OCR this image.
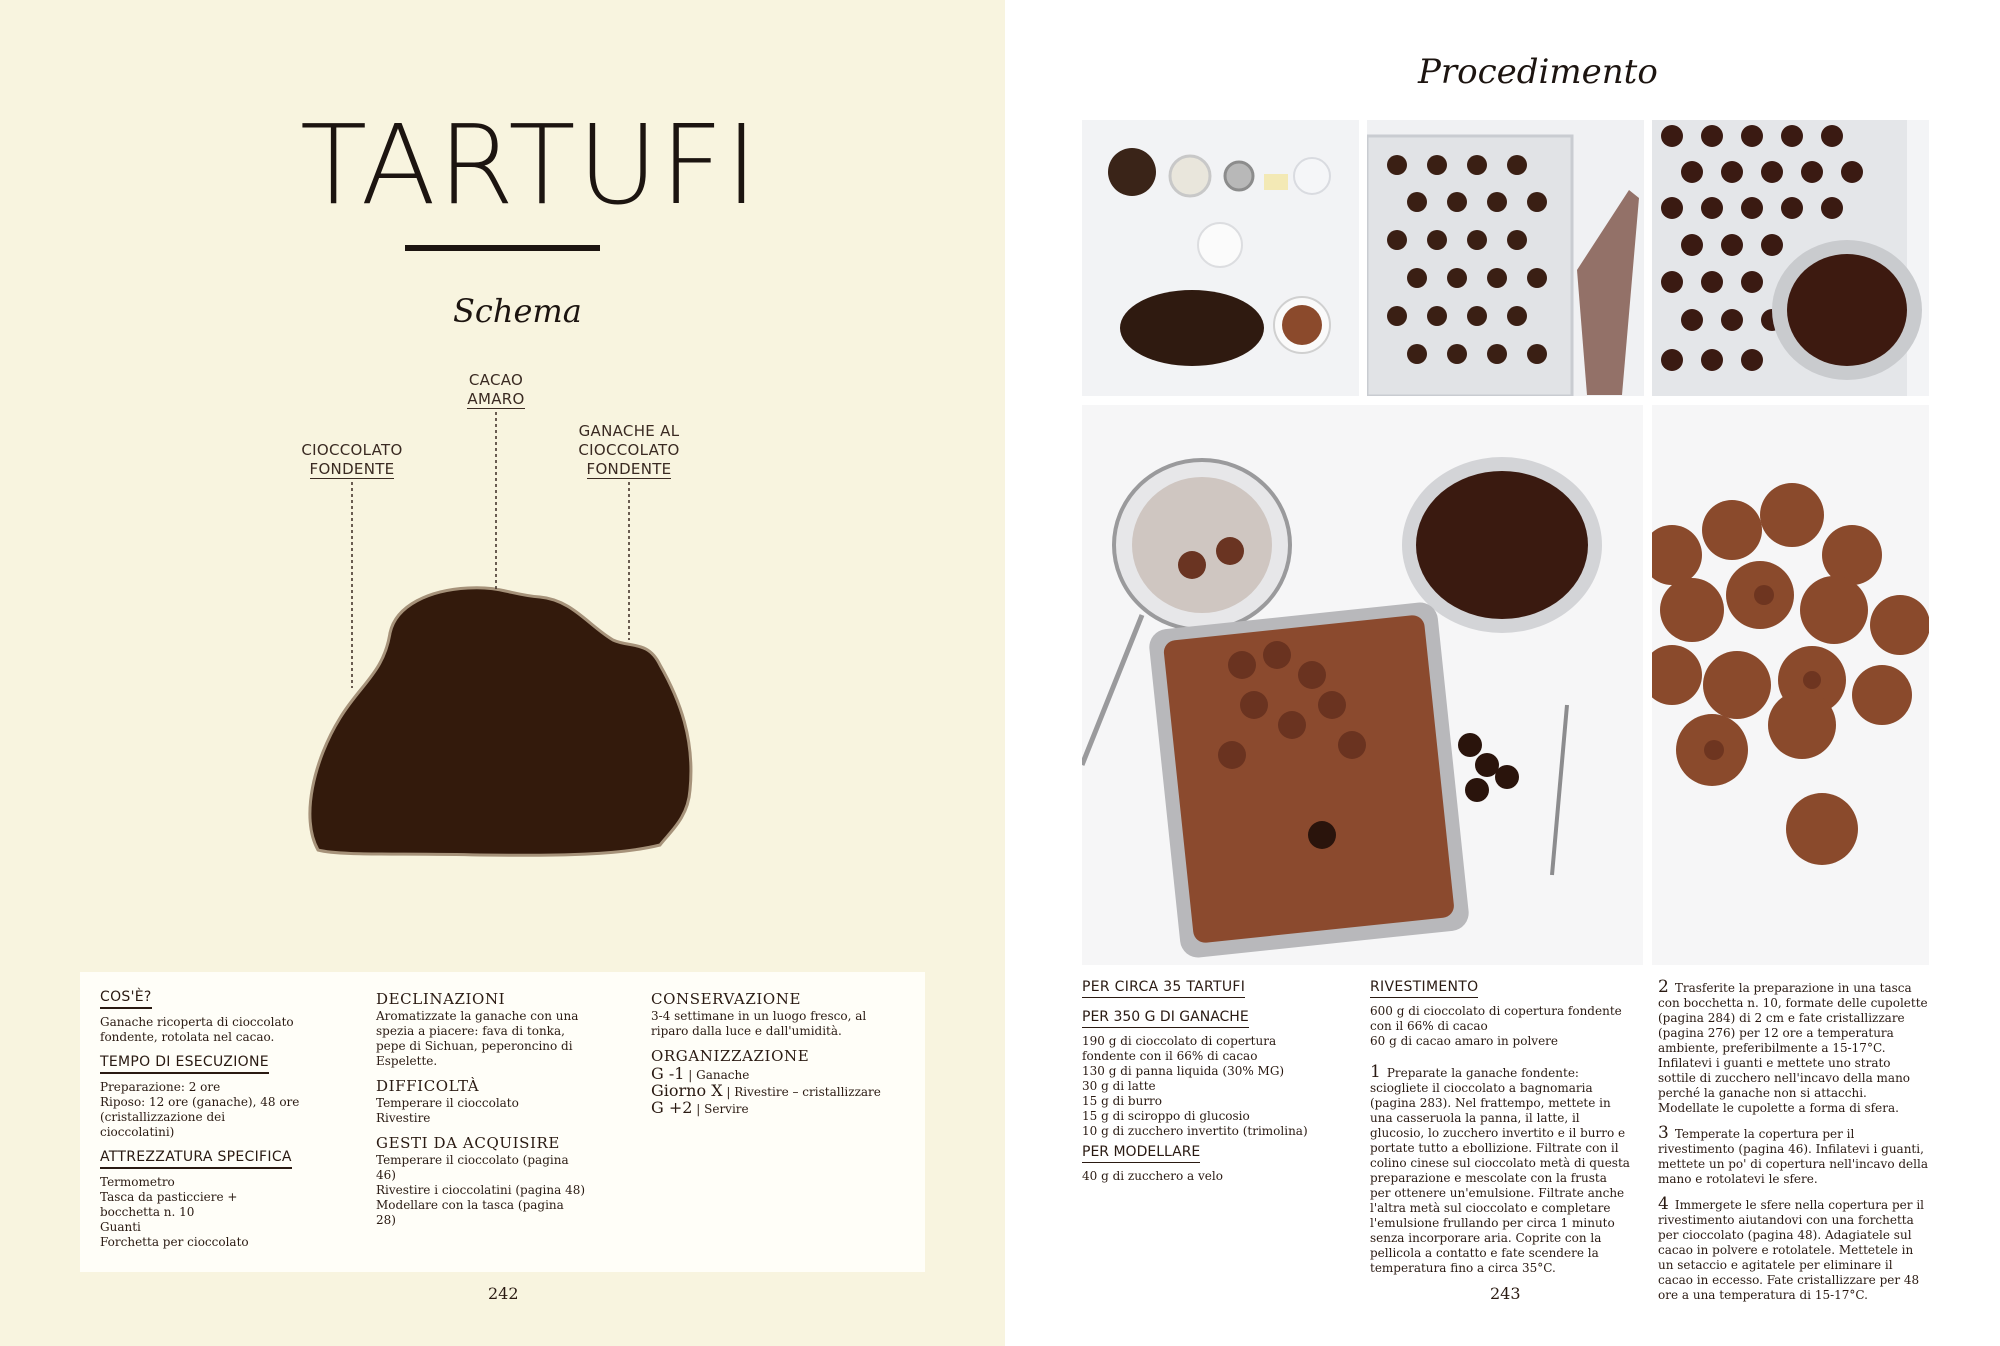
TARTUFI
Schema
CACAO
AMARO
CIOCCOLATO
FONDENTE
GANACHE AL
CIOCCOLATO
FONDENTE
COS'È?
Ganache ricoperta di cioccolato fondente, rotolata nel cacao.
TEMPO DI ESECUZIONE
Preparazione: 2 ore
Riposo: 12 ore (ganache), 48 ore (cristallizzazione dei cioccolatini)
ATTREZZATURA SPECIFICA
Termometro
Tasca da pasticciere + bocchetta n. 10
Guanti
Forchetta per cioccolato
DECLINAZIONI
Aromatizzate la ganache con una spezia a piacere: fava di tonka, pepe di Sichuan, peperoncino di Espelette.
DIFFICOLTÀ
Temperare il cioccolato
Rivestire
GESTI DA ACQUISIRE
Temperare il cioccolato (pagina 46)
Rivestire i cioccolatini (pagina 48)
Modellare con la tasca (pagina 28)
CONSERVAZIONE
3-4 settimane in un luogo fresco, al riparo dalla luce e dall'umidità.
ORGANIZZAZIONE
G -1 | Ganache
Giorno X | Rivestire – cristallizzare
G +2 | Servire
242
Procedimento
PER CIRCA 35 TARTUFI
PER 350 G DI GANACHE
190 g di cioccolato di copertura fondente con il 66% di cacao
130 g di panna liquida (30% MG)
30 g di latte
15 g di burro
15 g di sciroppo di glucosio
10 g di zucchero invertito (trimolina)
PER MODELLARE
40 g di zucchero a velo
RIVESTIMENTO
600 g di cioccolato di copertura fondente con il 66% di cacao
60 g di cacao amaro in polvere
1 Preparate la ganache fondente: sciogliete il cioccolato a bagnomaria (pagina 283). Nel frattempo, mettete in una casseruola la panna, il latte, il glucosio, lo zucchero invertito e il burro e portate tutto a ebollizione. Filtrate con il colino cinese sul cioccolato metà di questa preparazione e mescolate con la frusta per ottenere un'emulsione. Filtrate anche l'altra metà sul cioccolato e completare l'emulsione frullando per circa 1 minuto senza incorporare aria. Coprite con la pellicola a contatto e fate scendere la temperatura fino a circa 35°C.
2 Trasferite la preparazione in una tasca con bocchetta n. 10, formate delle cupolette (pagina 284) di 2 cm e fate cristallizzare (pagina 276) per 12 ore a temperatura ambiente, preferibilmente a 15-17°C. Infilatevi i guanti e mettete uno strato sottile di zucchero nell'incavo della mano perché la ganache non si attacchi. Modellate le cupolette a forma di sfera.
3 Temperate la copertura per il rivestimento (pagina 46). Infilatevi i guanti, mettete un po' di copertura nell'incavo della mano e rotolatevi le sfere.
4 Immergete le sfere nella copertura per il rivestimento aiutandovi con una forchetta per cioccolato (pagina 48). Adagiatele sul cacao in polvere e rotolatele. Mettetele in un setaccio e agitatele per eliminare il cacao in eccesso. Fate cristallizzare per 48 ore a una temperatura di 15-17°C.
243
